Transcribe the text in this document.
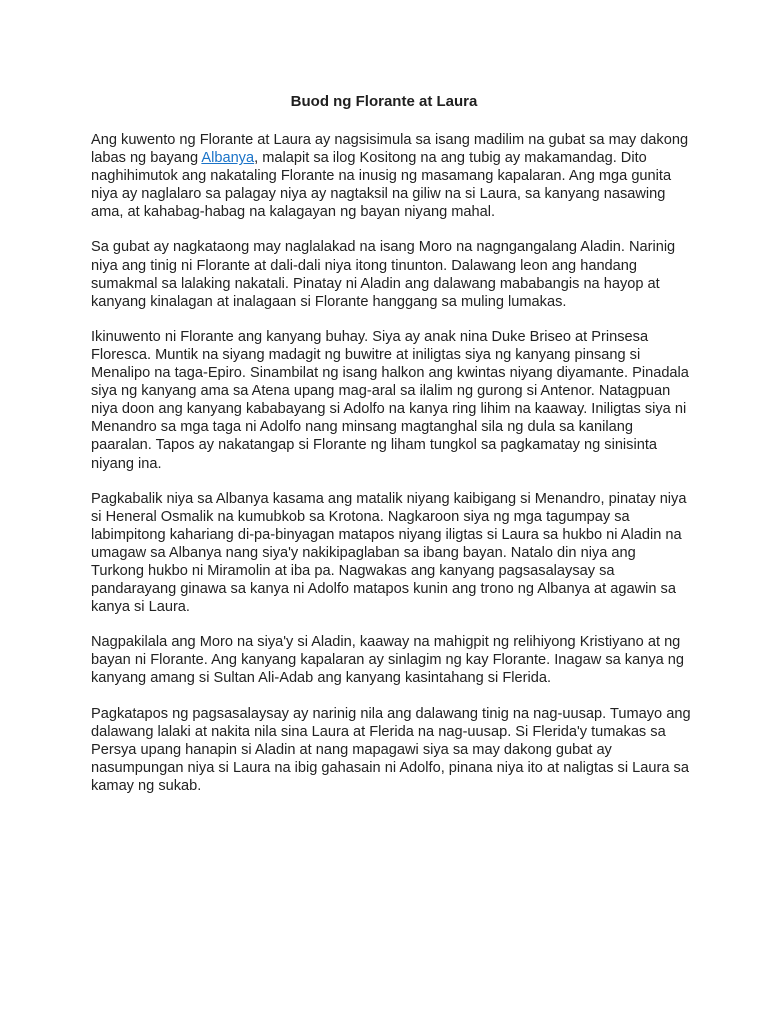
Buod ng Florante at Laura

Ang kuwento ng Florante at Laura ay nagsisimula sa isang madilim na gubat sa may dakong labas ng bayang Albanya, malapit sa ilog Kositong na ang tubig ay makamandag. Dito naghihimutok ang nakataling Florante na inusig ng masamang kapalaran. Ang mga gunita niya ay naglalaro sa palagay niya ay nagtaksil na giliw na si Laura, sa kanyang nasawing ama, at kahabag-habag na kalagayan ng bayan niyang mahal.

Sa gubat ay nagkataong may naglalakad na isang Moro na nagngangalang Aladin. Narinig niya ang tinig ni Florante at dali-dali niya itong tinunton. Dalawang leon ang handang sumakmal sa lalaking nakatali. Pinatay ni Aladin ang dalawang mababangis na hayop at kanyang kinalagan at inalagaan si Florante hanggang sa muling lumakas.

Ikinuwento ni Florante ang kanyang buhay. Siya ay anak nina Duke Briseo at Prinsesa Floresca. Muntik na siyang madagit ng buwitre at iniligtas siya ng kanyang pinsang si Menalipo na taga-Epiro. Sinambilat ng isang halkon ang kwintas niyang diyamante. Pinadala siya ng kanyang ama sa Atena upang mag-aral sa ilalim ng gurong si Antenor. Natagpuan niya doon ang kanyang kababayang si Adolfo na kanya ring lihim na kaaway. Iniligtas siya ni Menandro sa mga taga ni Adolfo nang minsang magtanghal sila ng dula sa kanilang paaralan. Tapos ay nakatangap si Florante ng liham tungkol sa pagkamatay ng sinisinta niyang ina.

Pagkabalik niya sa Albanya kasama ang matalik niyang kaibigang si Menandro, pinatay niya si Heneral Osmalik na kumubkob sa Krotona. Nagkaroon siya ng mga tagumpay sa labimpitong kahariang di-pa-binyagan matapos niyang iligtas si Laura sa hukbo ni Aladin na umagaw sa Albanya nang siya'y nakikipaglaban sa ibang bayan. Natalo din niya ang Turkong hukbo ni Miramolin at iba pa. Nagwakas ang kanyang pagsasalaysay sa pandarayang ginawa sa kanya ni Adolfo matapos kunin ang trono ng Albanya at agawin sa kanya si Laura.

Nagpakilala ang Moro na siya'y si Aladin, kaaway na mahigpit ng relihiyong Kristiyano at ng bayan ni Florante. Ang kanyang kapalaran ay sinlagim ng kay Florante. Inagaw sa kanya ng kanyang amang si Sultan Ali-Adab ang kanyang kasintahang si Flerida.

Pagkatapos ng pagsasalaysay ay narinig nila ang dalawang tinig na nag-uusap. Tumayo ang dalawang lalaki at nakita nila sina Laura at Flerida na nag-uusap. Si Flerida'y tumakas sa Persya upang hanapin si Aladin at nang mapagawi siya sa may dakong gubat ay nasumpungan niya si Laura na ibig gahasain ni Adolfo, pinana niya ito at naligtas si Laura sa kamay ng sukab.
